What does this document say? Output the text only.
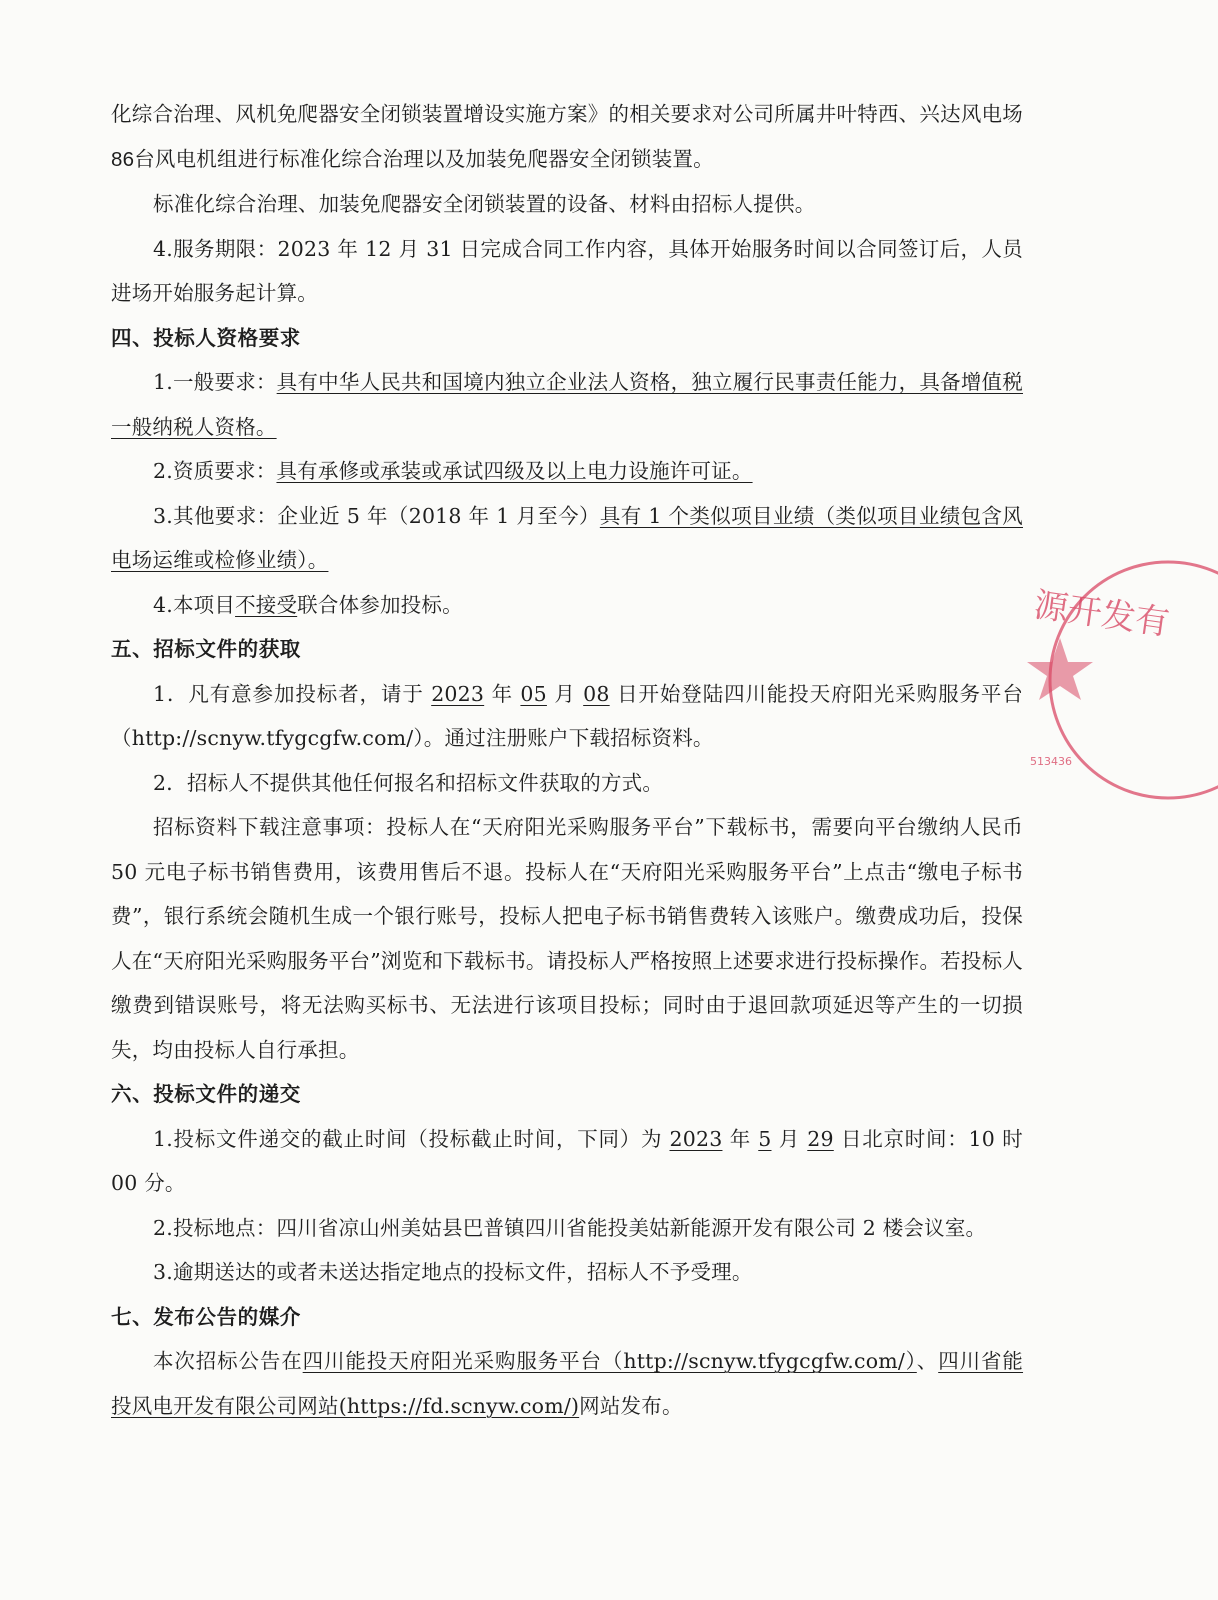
化综合治理、风机免爬器安全闭锁装置增设实施方案》的相关要求对公司所属井叶特西、兴达风电场86台风电机组进行标准化综合治理以及加装免爬器安全闭锁装置。

标准化综合治理、加装免爬器安全闭锁装置的设备、材料由招标人提供。

4.服务期限：2023 年 12 月 31 日完成合同工作内容，具体开始服务时间以合同签订后，人员进场开始服务起计算。

四、投标人资格要求

1.一般要求：具有中华人民共和国境内独立企业法人资格，独立履行民事责任能力，具备增值税一般纳税人资格。

2.资质要求：具有承修或承装或承试四级及以上电力设施许可证。

3.其他要求：企业近 5 年（2018 年 1 月至今）具有 1 个类似项目业绩（类似项目业绩包含风电场运维或检修业绩）。

4.本项目不接受联合体参加投标。

五、招标文件的获取

1．凡有意参加投标者，请于 2023 年 05 月 08 日开始登陆四川能投天府阳光采购服务平台（http://scnyw.tfygcgfw.com/）。通过注册账户下载招标资料。

2．招标人不提供其他任何报名和招标文件获取的方式。

招标资料下载注意事项：投标人在“天府阳光采购服务平台”下载标书，需要向平台缴纳人民币 50 元电子标书销售费用，该费用售后不退。投标人在“天府阳光采购服务平台”上点击“缴电子标书费”，银行系统会随机生成一个银行账号，投标人把电子标书销售费转入该账户。缴费成功后，投保人在“天府阳光采购服务平台”浏览和下载标书。请投标人严格按照上述要求进行投标操作。若投标人缴费到错误账号，将无法购买标书、无法进行该项目投标；同时由于退回款项延迟等产生的一切损失，均由投标人自行承担。

六、投标文件的递交

1.投标文件递交的截止时间（投标截止时间，下同）为 2023 年 5 月 29 日北京时间：10 时 00 分。

2.投标地点：四川省凉山州美姑县巴普镇四川省能投美姑新能源开发有限公司 2 楼会议室。

3.逾期送达的或者未送达指定地点的投标文件，招标人不予受理。

七、发布公告的媒介

本次招标公告在四川能投天府阳光采购服务平台（http://scnyw.tfygcgfw.com/）、四川省能投风电开发有限公司网站(https://fd.scnyw.com/)网站发布。

源开发有
513436
